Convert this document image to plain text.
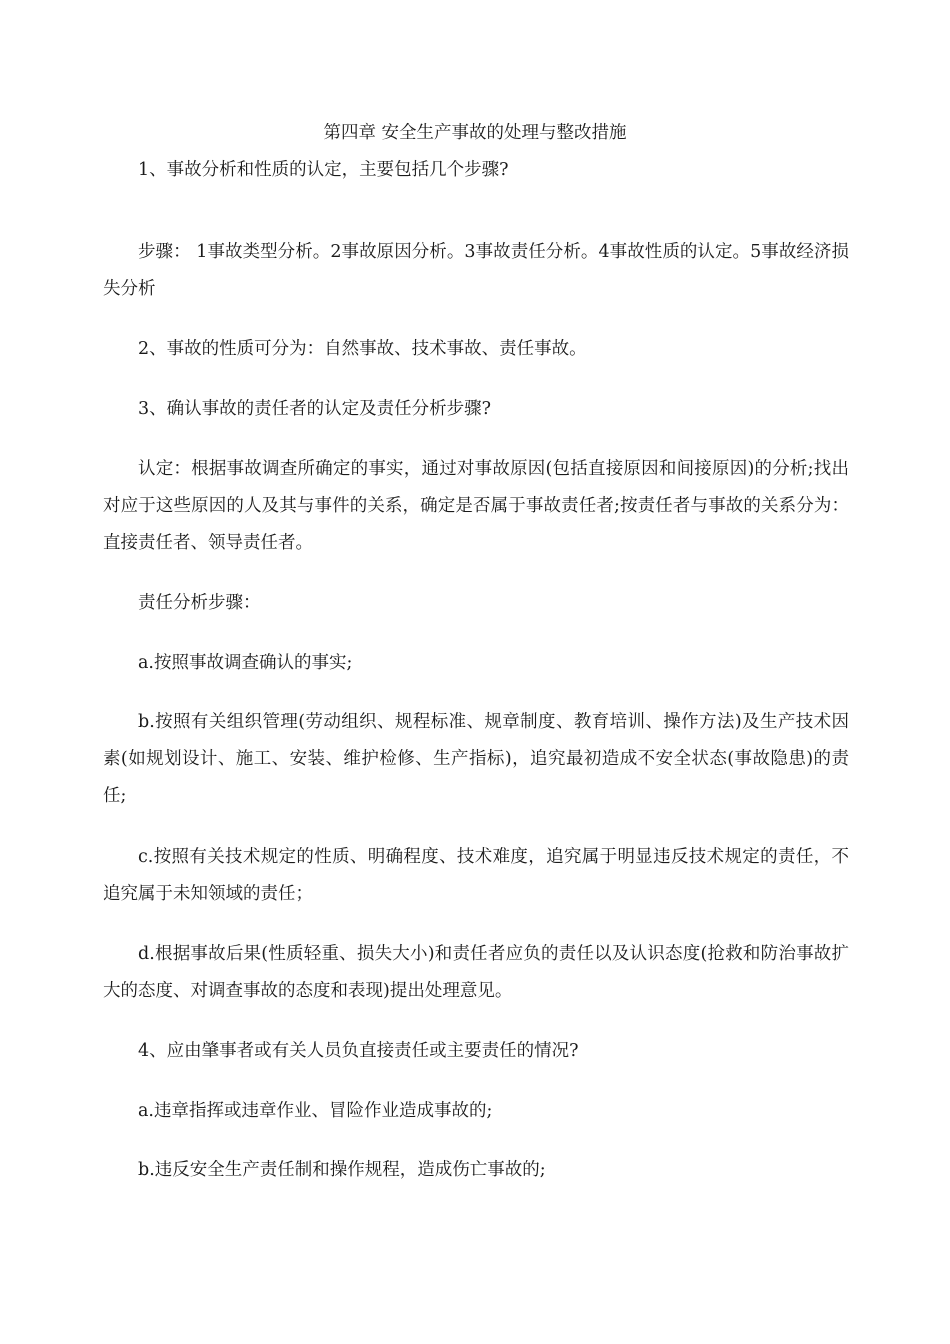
第四章 安全生产事故的处理与整改措施

1、事故分析和性质的认定，主要包括几个步骤?

步骤： 1事故类型分析。2事故原因分析。3事故责任分析。4事故性质的认定。5事故经济损失分析

2、事故的性质可分为：自然事故、技术事故、责任事故。

3、确认事故的责任者的认定及责任分析步骤?

认定：根据事故调查所确定的事实，通过对事故原因(包括直接原因和间接原因)的分析;找出对应于这些原因的人及其与事件的关系，确定是否属于事故责任者;按责任者与事故的关系分为：直接责任者、领导责任者。

责任分析步骤：

a.按照事故调查确认的事实;

b.按照有关组织管理(劳动组织、规程标准、规章制度、教育培训、操作方法)及生产技术因素(如规划设计、施工、安装、维护检修、生产指标)，追究最初造成不安全状态(事故隐患)的责任;

c.按照有关技术规定的性质、明确程度、技术难度，追究属于明显违反技术规定的责任，不追究属于未知领域的责任；

d.根据事故后果(性质轻重、损失大小)和责任者应负的责任以及认识态度(抢救和防治事故扩大的态度、对调查事故的态度和表现)提出处理意见。

4、应由肇事者或有关人员负直接责任或主要责任的情况?

a.违章指挥或违章作业、冒险作业造成事故的;

b.违反安全生产责任制和操作规程，造成伤亡事故的;
